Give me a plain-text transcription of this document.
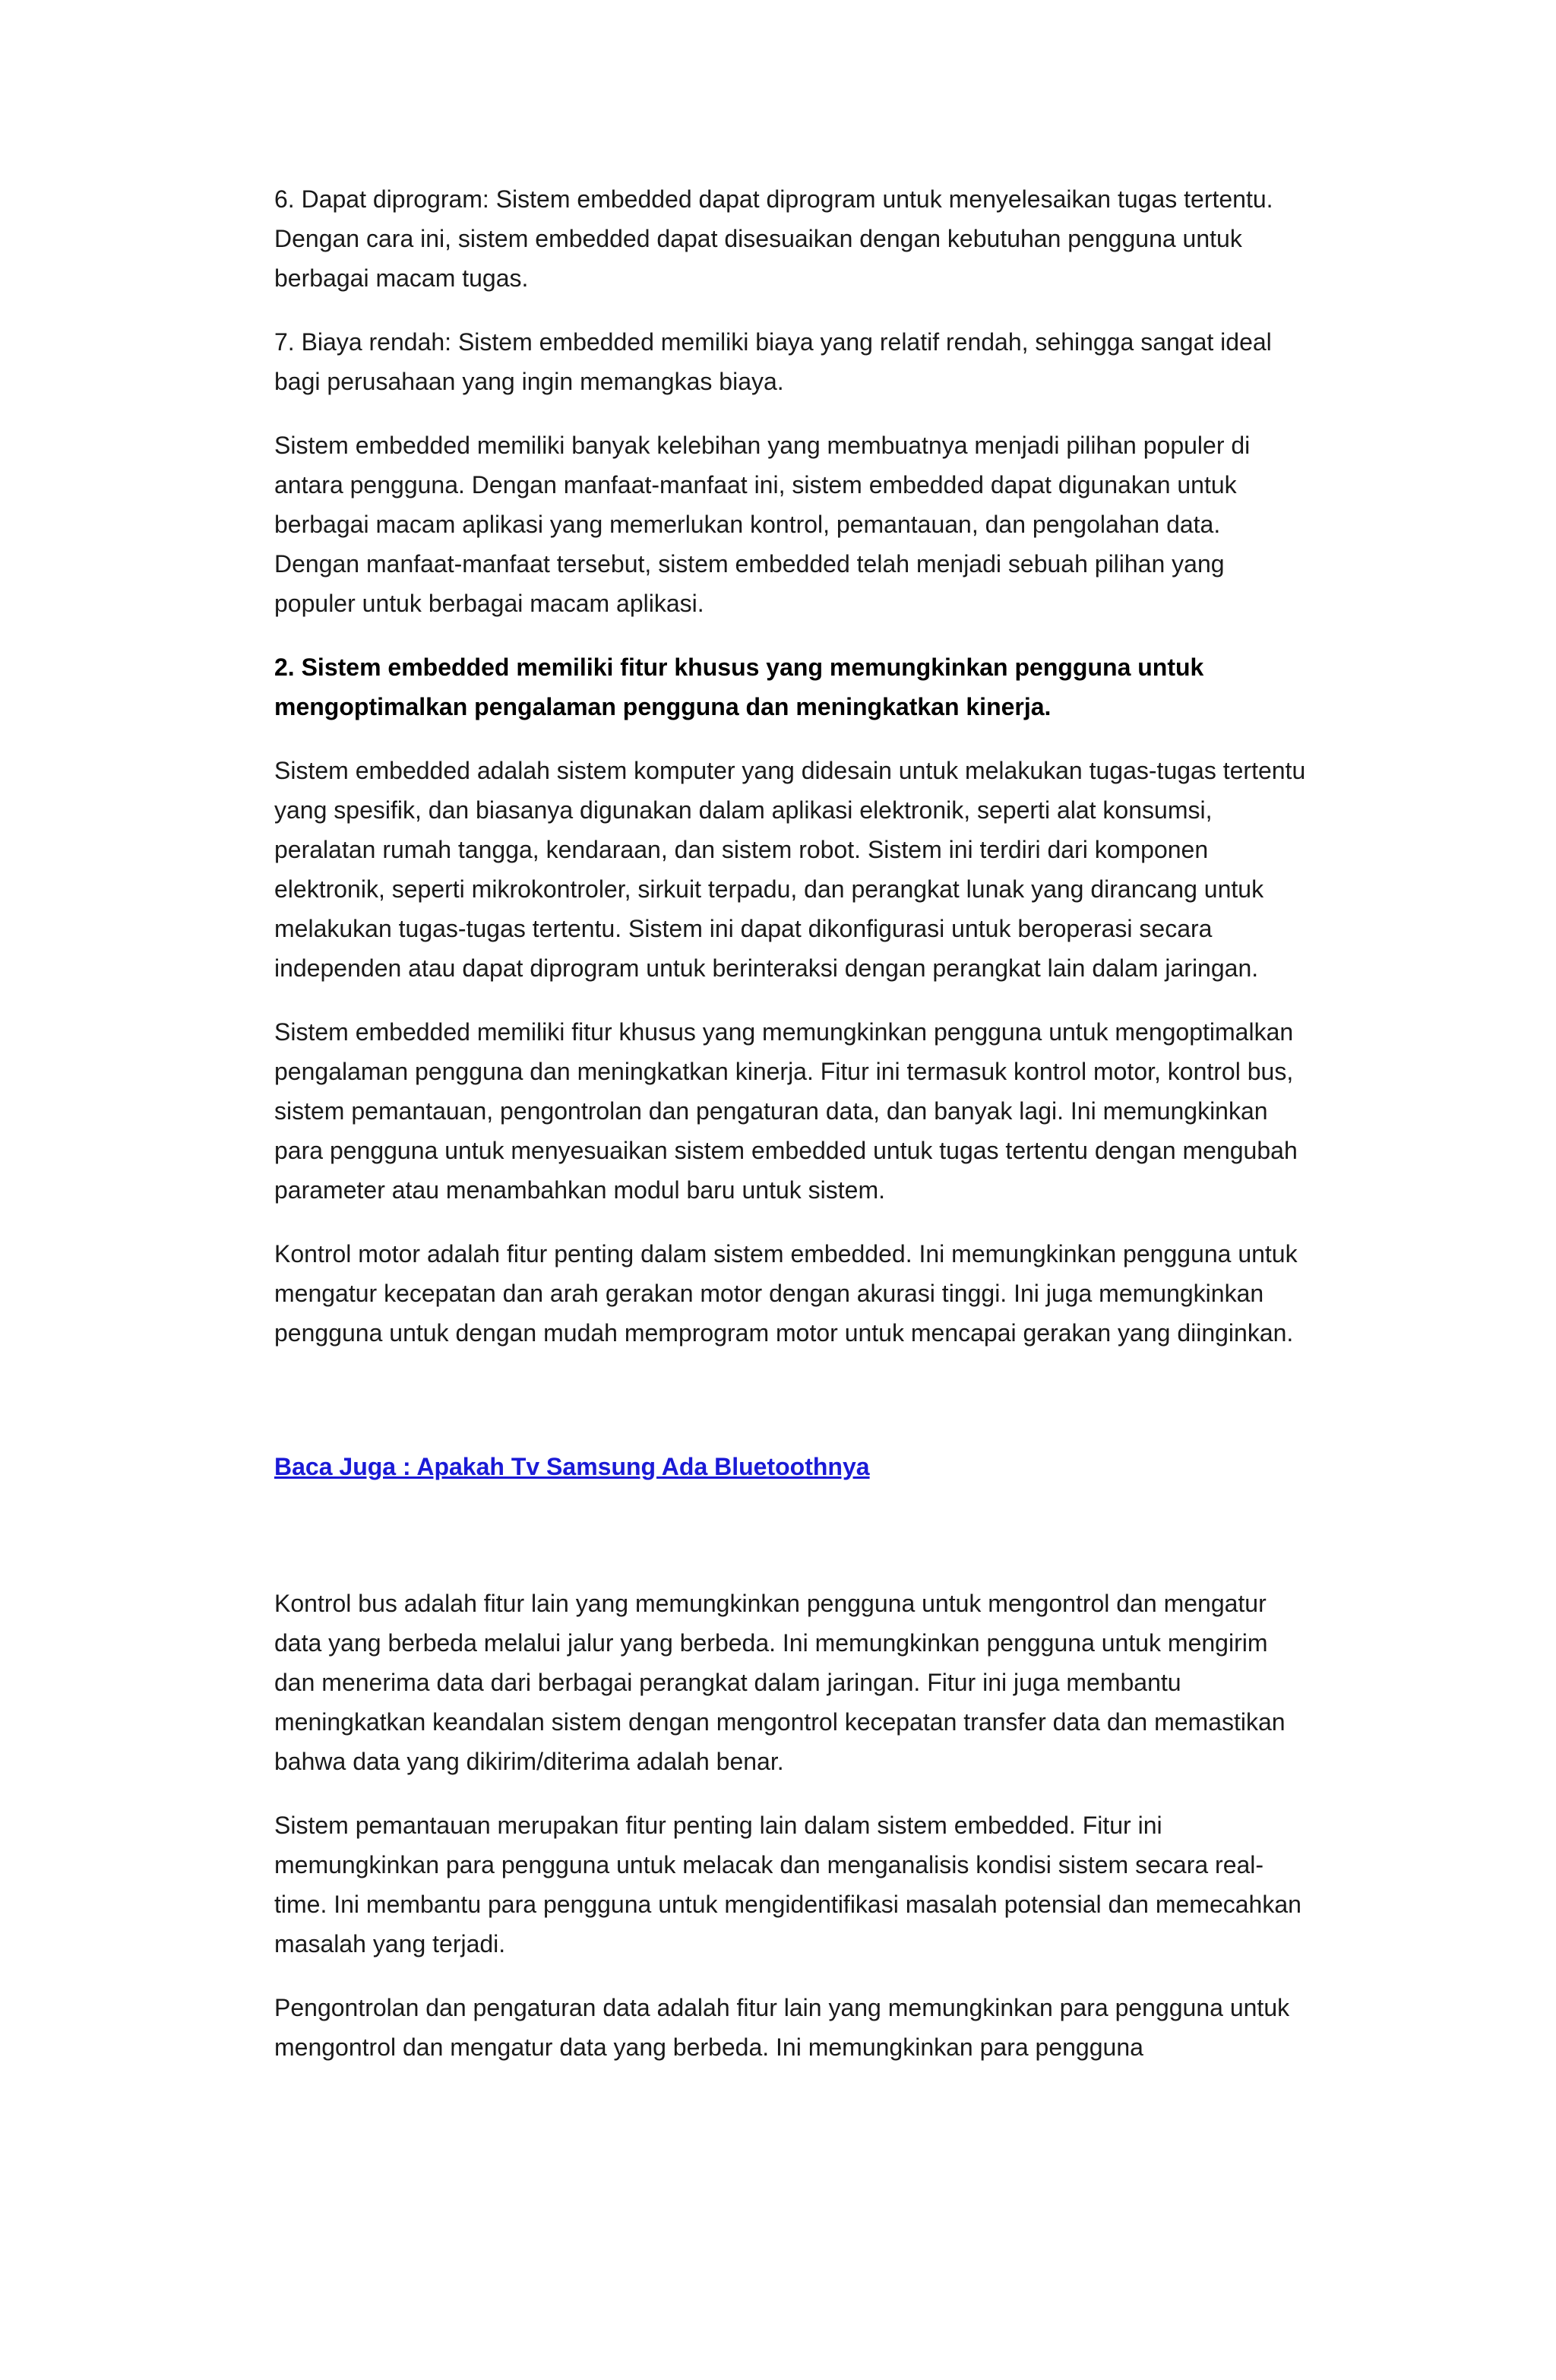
6. Dapat diprogram: Sistem embedded dapat diprogram untuk menyelesaikan tugas tertentu. Dengan cara ini, sistem embedded dapat disesuaikan dengan kebutuhan pengguna untuk berbagai macam tugas.

7. Biaya rendah: Sistem embedded memiliki biaya yang relatif rendah, sehingga sangat ideal bagi perusahaan yang ingin memangkas biaya.

Sistem embedded memiliki banyak kelebihan yang membuatnya menjadi pilihan populer di antara pengguna. Dengan manfaat-manfaat ini, sistem embedded dapat digunakan untuk berbagai macam aplikasi yang memerlukan kontrol, pemantauan, dan pengolahan data. Dengan manfaat-manfaat tersebut, sistem embedded telah menjadi sebuah pilihan yang populer untuk berbagai macam aplikasi.

2. Sistem embedded memiliki fitur khusus yang memungkinkan pengguna untuk mengoptimalkan pengalaman pengguna dan meningkatkan kinerja.

Sistem embedded adalah sistem komputer yang didesain untuk melakukan tugas-tugas tertentu yang spesifik, dan biasanya digunakan dalam aplikasi elektronik, seperti alat konsumsi, peralatan rumah tangga, kendaraan, dan sistem robot. Sistem ini terdiri dari komponen elektronik, seperti mikrokontroler, sirkuit terpadu, dan perangkat lunak yang dirancang untuk melakukan tugas-tugas tertentu. Sistem ini dapat dikonfigurasi untuk beroperasi secara independen atau dapat diprogram untuk berinteraksi dengan perangkat lain dalam jaringan.

Sistem embedded memiliki fitur khusus yang memungkinkan pengguna untuk mengoptimalkan pengalaman pengguna dan meningkatkan kinerja. Fitur ini termasuk kontrol motor, kontrol bus, sistem pemantauan, pengontrolan dan pengaturan data, dan banyak lagi. Ini memungkinkan para pengguna untuk menyesuaikan sistem embedded untuk tugas tertentu dengan mengubah parameter atau menambahkan modul baru untuk sistem.

Kontrol motor adalah fitur penting dalam sistem embedded. Ini memungkinkan pengguna untuk mengatur kecepatan dan arah gerakan motor dengan akurasi tinggi. Ini juga memungkinkan pengguna untuk dengan mudah memprogram motor untuk mencapai gerakan yang diinginkan.

Baca Juga : Apakah Tv Samsung Ada Bluetoothnya

Kontrol bus adalah fitur lain yang memungkinkan pengguna untuk mengontrol dan mengatur data yang berbeda melalui jalur yang berbeda. Ini memungkinkan pengguna untuk mengirim dan menerima data dari berbagai perangkat dalam jaringan. Fitur ini juga membantu meningkatkan keandalan sistem dengan mengontrol kecepatan transfer data dan memastikan bahwa data yang dikirim/diterima adalah benar.

Sistem pemantauan merupakan fitur penting lain dalam sistem embedded. Fitur ini memungkinkan para pengguna untuk melacak dan menganalisis kondisi sistem secara real-time. Ini membantu para pengguna untuk mengidentifikasi masalah potensial dan memecahkan masalah yang terjadi.

Pengontrolan dan pengaturan data adalah fitur lain yang memungkinkan para pengguna untuk mengontrol dan mengatur data yang berbeda. Ini memungkinkan para pengguna
